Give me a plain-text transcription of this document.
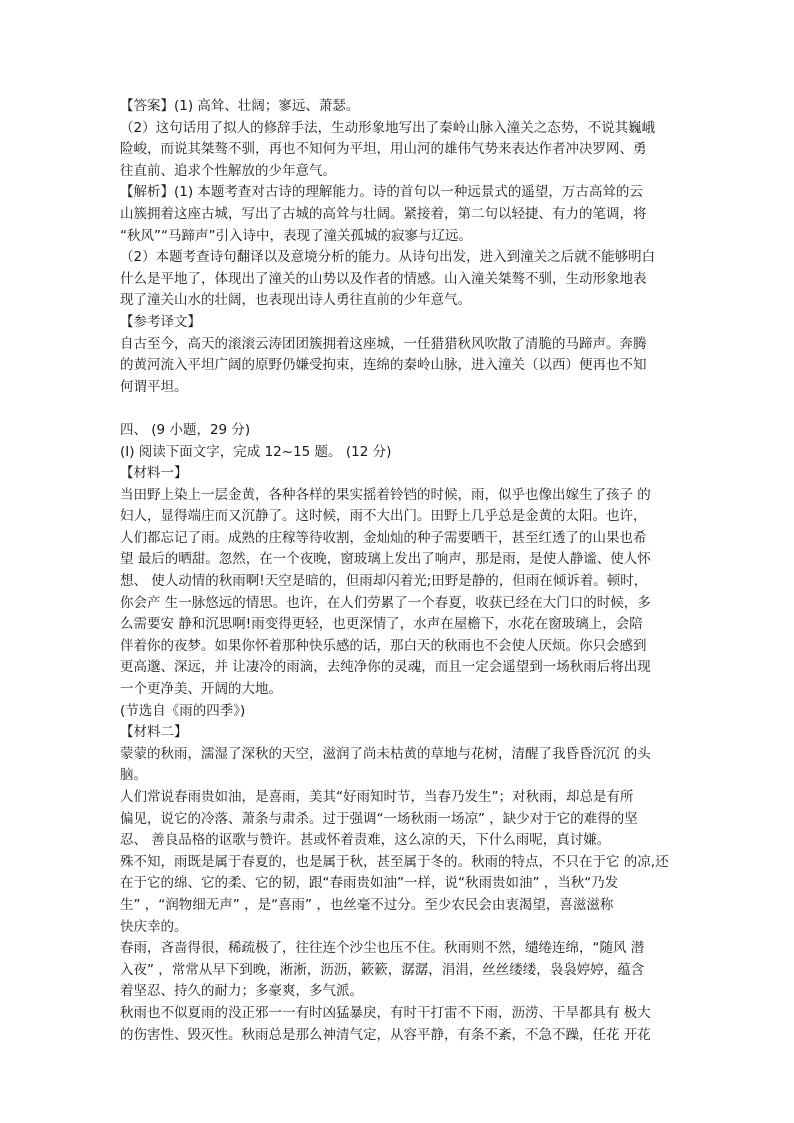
【答案】(1) 高耸、壮阔；寥远、萧瑟。
（2）这句话用了拟人的修辞手法，生动形象地写出了秦岭山脉入潼关之态势，不说其巍峨
险峻，而说其桀骜不驯，再也不知何为平坦，用山河的雄伟气势来表达作者冲决罗网、勇
往直前、追求个性解放的少年意气。
【解析】(1) 本题考查对古诗的理解能力。诗的首句以一种远景式的遥望，万古高耸的云
山簇拥着这座古城，写出了古城的高耸与壮阔。紧接着，第二句以轻捷、有力的笔调，将
“秋风”“马蹄声”引入诗中，表现了潼关孤城的寂寥与辽远。
（2）本题考查诗句翻译以及意境分析的能力。从诗句出发，进入到潼关之后就不能够明白
什么是平地了，体现出了潼关的山势以及作者的情感。山入潼关桀骜不驯，生动形象地表
现了潼关山水的壮阔，也表现出诗人勇往直前的少年意气。
【参考译文】
自古至今，高天的滚滚云涛团团簇拥着这座城，一任猎猎秋风吹散了清脆的马蹄声。奔腾
的黄河流入平坦广阔的原野仍嫌受拘束，连绵的秦岭山脉，进入潼关（以西）便再也不知
何谓平坦。
四、 (9 小题，29 分)
(Ⅰ) 阅读下面文字，完成 12~15 题。 (12 分)
【材料一】
当田野上染上一层金黄，各种各样的果实摇着铃铛的时候，雨，似乎也像出嫁生了孩子 的
妇人，显得端庄而又沉静了。这时候，雨不大出门。田野上几乎总是金黄的太阳。也许，
人们都忘记了雨。成熟的庄稼等待收割，金灿灿的种子需要晒干，甚至红透了的山果也希
望 最后的晒甜。忽然，在一个夜晚，窗玻璃上发出了响声，那是雨，是使人静谧、使人怀
想、 使人动情的秋雨啊!天空是暗的，但雨却闪着光;田野是静的，但雨在倾诉着。顿时，
你会产 生一脉悠远的情思。也许，在人们劳累了一个春夏，收获已经在大门口的时候，多
么需要安 静和沉思啊!雨变得更轻，也更深情了，水声在屋檐下，水花在窗玻璃上，会陪
伴着你的夜梦。如果你怀着那种快乐感的话，那白天的秋雨也不会使人厌烦。你只会感到
更高邈、深远，并 让凄冷的雨滴，去纯净你的灵魂，而且一定会遥望到一场秋雨后将出现
一个更净美、开阔的大地。
(节选自《雨的四季》)
【材料二】
蒙蒙的秋雨，濡湿了深秋的天空，滋润了尚未枯黄的草地与花树，清醒了我昏昏沉沉 的头
脑。
人们常说春雨贵如油，是喜雨，美其“好雨知时节，当春乃发生”；对秋雨，却总是有所
偏见，说它的冷落、萧条与肃杀。过于强调“一场秋雨一场凉” ，缺少对于它的难得的坚
忍、 善良品格的讴歌与赞许。甚或怀着责难，这么凉的天，下什么雨呢，真讨嫌。
殊不知，雨既是属于春夏的，也是属于秋，甚至属于冬的。秋雨的特点，不只在于它 的凉,还
在于它的绵、它的柔、它的韧，跟“春雨贵如油”一样，说“秋雨贵如油” ，当秋“乃发
生” ，“润物细无声” ，是“喜雨” ，也丝毫不过分。至少农民会由衷渴望，喜滋滋称
快庆幸的。
春雨，吝啬得很，稀疏极了，往往连个沙尘也压不住。秋雨则不然，缱绻连绵，“随风 潜
入夜” ，常常从早下到晚，淅淅，沥沥，簌簌，潺潺，涓涓，丝丝缕缕，袅袅婷婷，蕴含
着坚忍、持久的耐力；多豪爽，多气派。
秋雨也不似夏雨的没正邪一一有时凶猛暴戾，有时干打雷不下雨，沥涝、干旱都具有 极大
的伤害性、毁灭性。秋雨总是那么神清气定，从容平静，有条不紊，不急不躁，任花 开花
